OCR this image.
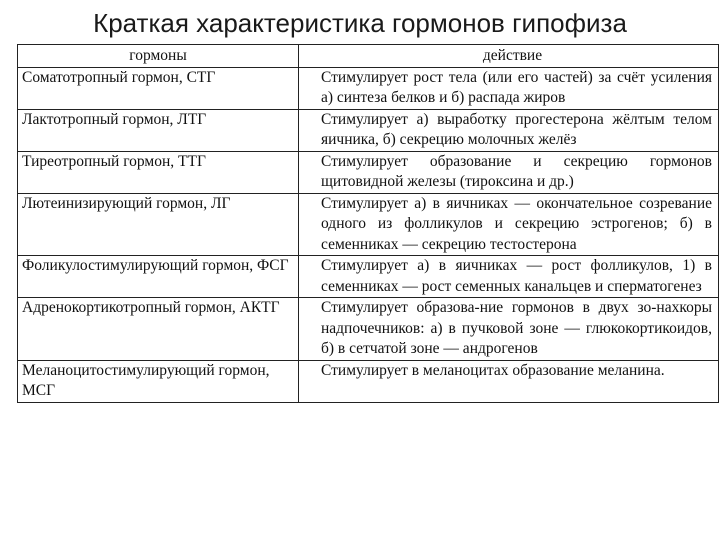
Краткая характеристика гормонов гипофиза
гормоны		действие
Соматотропный гормон, СТГ		Стимулирует рост тела (или его частей) за счёт усиления а) синтеза белков и б) распада жиров
Лактотропный гормон, ЛТГ		Стимулирует а) выработку прогестерона жёлтым телом яичника, б) секрецию молочных желёз
Тиреотропный гормон, ТТГ		Стимулирует образование и секрецию гормонов щитовидной железы (тироксина и др.)
Лютеинизирующий гормон, ЛГ		Стимулирует а) в яичниках — окончательное созревание одного из фолликулов и секрецию эстрогенов; б) в семенниках — секрецию тестостерона
Фоликулостимулирующий гормон, ФСГ		Стимулирует а) в яичниках — рост фолликулов, 1) в семенниках — рост семенных канальцев и сперматогенез
Адренокортикотропный гормон, АКТГ		Стимулирует образова-ние гормонов в двух зо-нахкоры надпочечников: а) в пучковой зоне — глюкокортикоидов, б) в сетчатой зоне — андрогенов
Меланоцитостимулирующий гормон, МСГ		Стимулирует в меланоцитах образование меланина.
